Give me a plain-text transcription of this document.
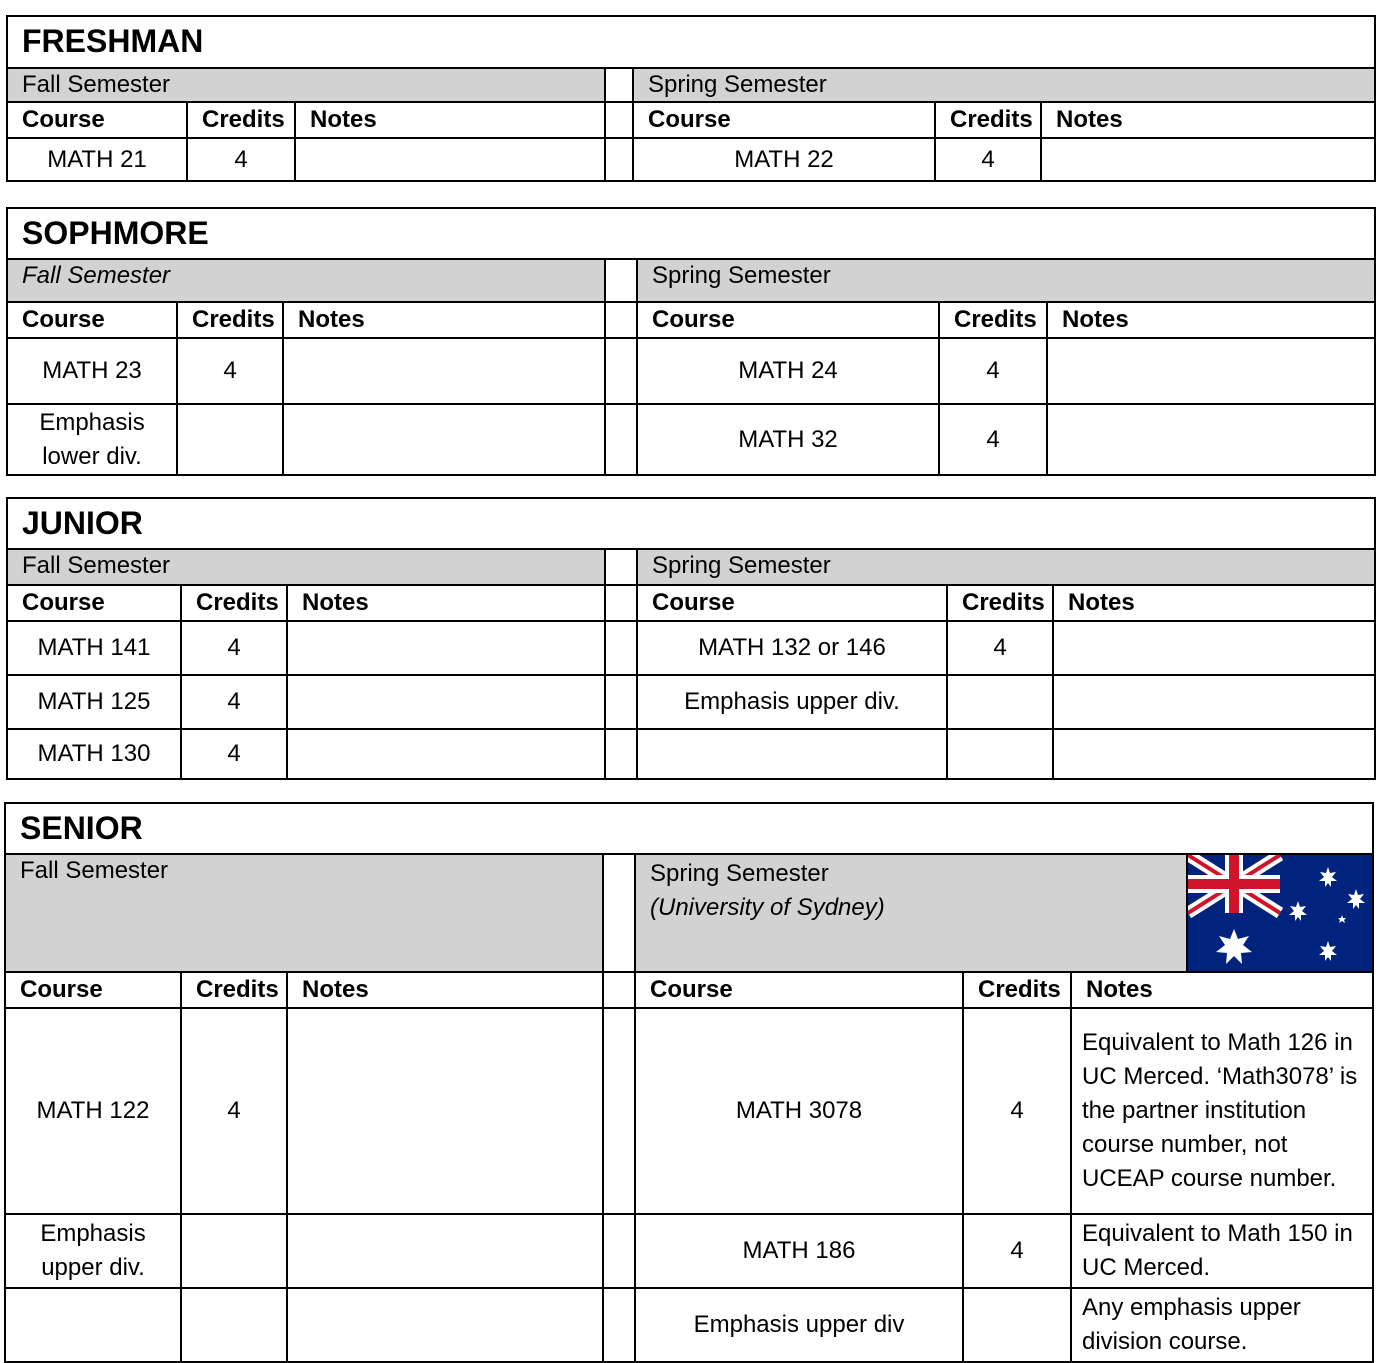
FRESHMAN						
Fall Semester				Spring Semester		
Course	Credits	Notes		Course	Credits	Notes
MATH 21	4			MATH 22	4	
SOPHMORE						
Fall Semester				Spring Semester		
Course	Credits	Notes		Course	Credits	Notes
MATH 23	4			MATH 24	4	
Emphasis lower div.				MATH 32	4	
JUNIOR						
Fall Semester				Spring Semester		
Course	Credits	Notes		Course	Credits	Notes
MATH 141	4			MATH 132 or 146	4	
MATH 125	4			Emphasis upper div.		
MATH 130	4					
SENIOR							
Fall Semester				Spring Semester
(University of Sydney)

Course	Credits	Notes		Course	Credits	Notes	
MATH 122	4			MATH 3078	4	Equivalent to Math 126 in UC Merced. ‘Math3078’ is the partner institution course number, not UCEAP course number.	
Emphasis upper div.				MATH 186	4	Equivalent to Math 150 in UC Merced.	
				Emphasis upper div		Any emphasis upper division course.	
